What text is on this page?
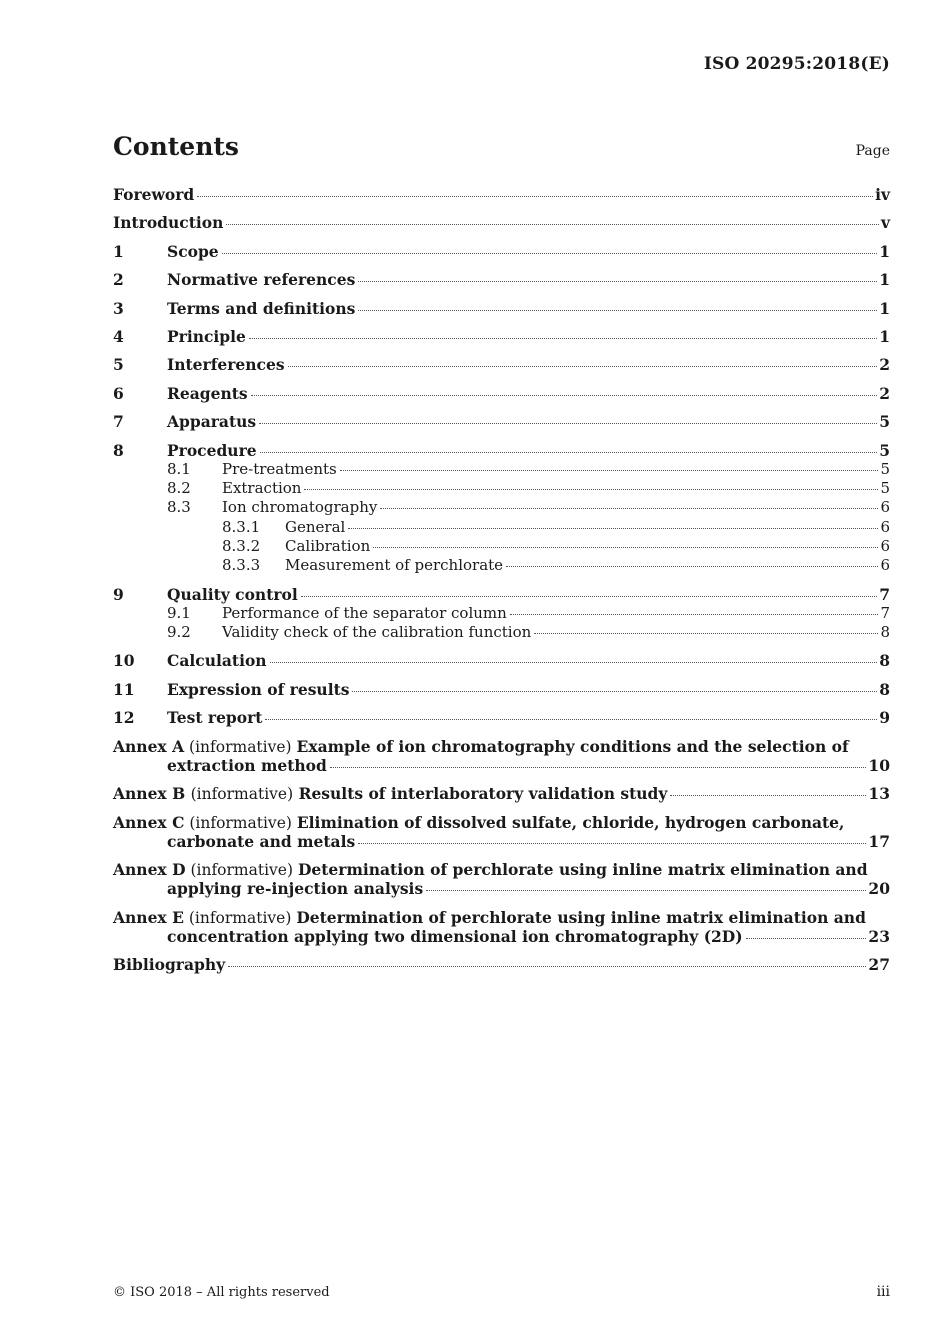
ISO 20295:2018(E)
Contents	Page
Foreword	iv
Introduction	v
1	Scope	1
2	Normative references	1
3	Terms and definitions	1
4	Principle	1
5	Interferences	2
6	Reagents	2
7	Apparatus	5
8	Procedure	5
8.1	Pre-treatments	5
8.2	Extraction	5
8.3	Ion chromatography	6
8.3.1	General	6
8.3.2	Calibration	6
8.3.3	Measurement of perchlorate	6
9	Quality control	7
9.1	Performance of the separator column	7
9.2	Validity check of the calibration function	8
10	Calculation	8
11	Expression of results	8
12	Test report	9
Annex A (informative) Example of ion chromatography conditions and the selection of
extraction method	10
Annex B (informative) Results of interlaboratory validation study	13
Annex C (informative) Elimination of dissolved sulfate, chloride, hydrogen carbonate,
carbonate and metals	17
Annex D (informative) Determination of perchlorate using inline matrix elimination and
applying re-injection analysis	20
Annex E (informative) Determination of perchlorate using inline matrix elimination and
concentration applying two dimensional ion chromatography (2D)	23
Bibliography	27
© ISO 2018 – All rights reserved	iii
